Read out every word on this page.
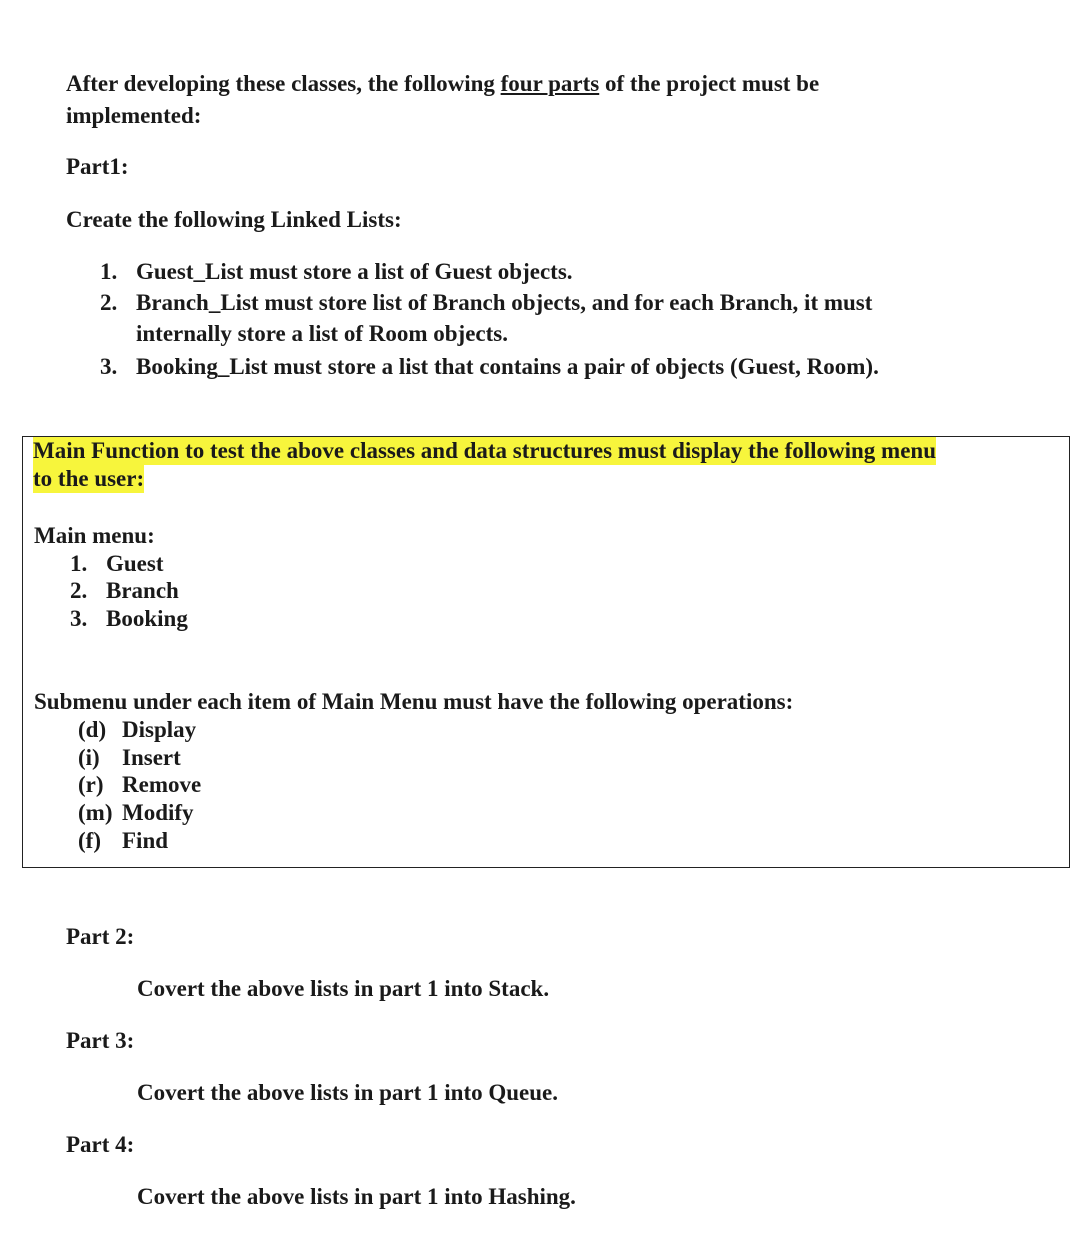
After developing these classes, the following four parts of the project must be
implemented:
Part1:
Create the following Linked Lists:
1. Guest_List must store a list of Guest objects.
2. Branch_List must store list of Branch objects, and for each Branch, it must
internally store a list of Room objects.
3. Booking_List must store a list that contains a pair of objects (Guest, Room).
Main Function to test the above classes and data structures must display the following menu
to the user:
Main menu:
1. Guest
2. Branch
3. Booking
Submenu under each item of Main Menu must have the following operations:
(d) Display
(i) Insert
(r) Remove
(m) Modify
(f) Find
Part 2:
Covert the above lists in part 1 into Stack.
Part 3:
Covert the above lists in part 1 into Queue.
Part 4:
Covert the above lists in part 1 into Hashing.
